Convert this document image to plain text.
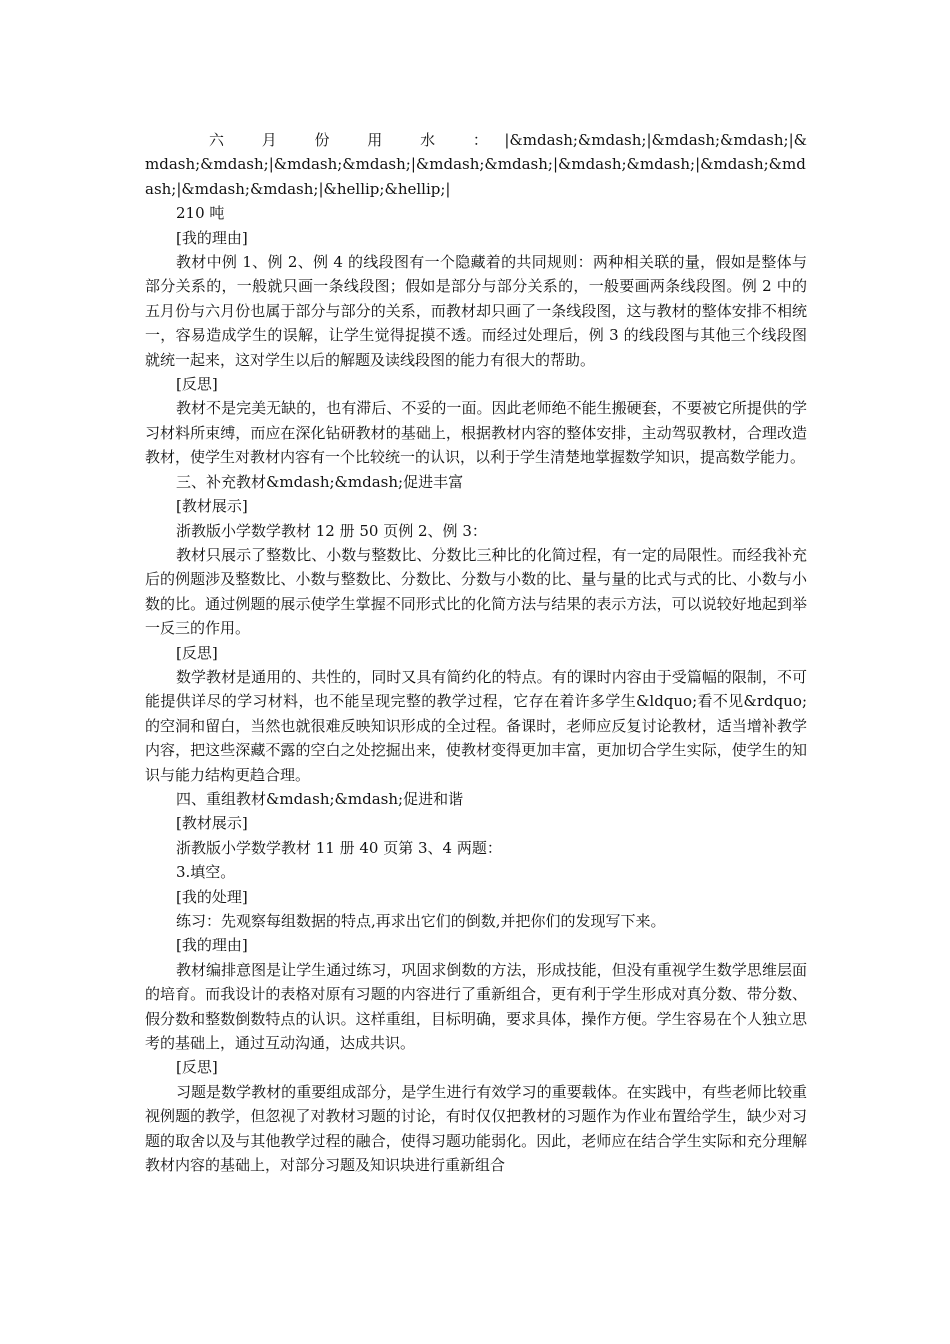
六 月 份 用 水 ：|&mdash;&mdash;|&mdash;&mdash;|&mdash;&mdash;|&mdash;&mdash;|&mdash;&mdash;|&mdash;&mdash;|&mdash;&mdash;|&mdash;&mdash;|&hellip;&hellip;|

210 吨

[我的理由]

教材中例 1、例 2、例 4 的线段图有一个隐藏着的共同规则：两种相关联的量，假如是整体与部分关系的，一般就只画一条线段图；假如是部分与部分关系的，一般要画两条线段图。例 2 中的五月份与六月份也属于部分与部分的关系，而教材却只画了一条线段图，这与教材的整体安排不相统一，容易造成学生的误解，让学生觉得捉摸不透。而经过处理后，例 3 的线段图与其他三个线段图就统一起来，这对学生以后的解题及读线段图的能力有很大的帮助。

[反思]

教材不是完美无缺的，也有滞后、不妥的一面。因此老师绝不能生搬硬套，不要被它所提供的学习材料所束缚，而应在深化钻研教材的基础上，根据教材内容的整体安排，主动驾驭教材，合理改造教材，使学生对教材内容有一个比较统一的认识，以利于学生清楚地掌握数学知识，提高数学能力。

三、补充教材&mdash;&mdash;促进丰富

[教材展示]

浙教版小学数学教材 12 册 50 页例 2、例 3：

教材只展示了整数比、小数与整数比、分数比三种比的化简过程，有一定的局限性。而经我补充后的例题涉及整数比、小数与整数比、分数比、分数与小数的比、量与量的比式与式的比、小数与小数的比。通过例题的展示使学生掌握不同形式比的化简方法与结果的表示方法，可以说较好地起到举一反三的作用。

[反思]

数学教材是通用的、共性的，同时又具有简约化的特点。有的课时内容由于受篇幅的限制，不可能提供详尽的学习材料，也不能呈现完整的教学过程，它存在着许多学生&ldquo;看不见&rdquo;的空洞和留白，当然也就很难反映知识形成的全过程。备课时，老师应反复讨论教材，适当增补教学内容，把这些深藏不露的空白之处挖掘出来，使教材变得更加丰富，更加切合学生实际，使学生的知识与能力结构更趋合理。

四、重组教材&mdash;&mdash;促进和谐

[教材展示]

浙教版小学数学教材 11 册 40 页第 3、4 两题：

3.填空。

[我的处理]

练习：先观察每组数据的特点,再求出它们的倒数,并把你们的发现写下来。

[我的理由]

教材编排意图是让学生通过练习，巩固求倒数的方法，形成技能，但没有重视学生数学思维层面的培育。而我设计的表格对原有习题的内容进行了重新组合，更有利于学生形成对真分数、带分数、假分数和整数倒数特点的认识。这样重组，目标明确，要求具体，操作方便。学生容易在个人独立思考的基础上，通过互动沟通，达成共识。

[反思]

习题是数学教材的重要组成部分，是学生进行有效学习的重要载体。在实践中，有些老师比较重视例题的教学，但忽视了对教材习题的讨论，有时仅仅把教材的习题作为作业布置给学生，缺少对习题的取舍以及与其他教学过程的融合，使得习题功能弱化。因此，老师应在结合学生实际和充分理解教材内容的基础上，对部分习题及知识块进行重新组合
